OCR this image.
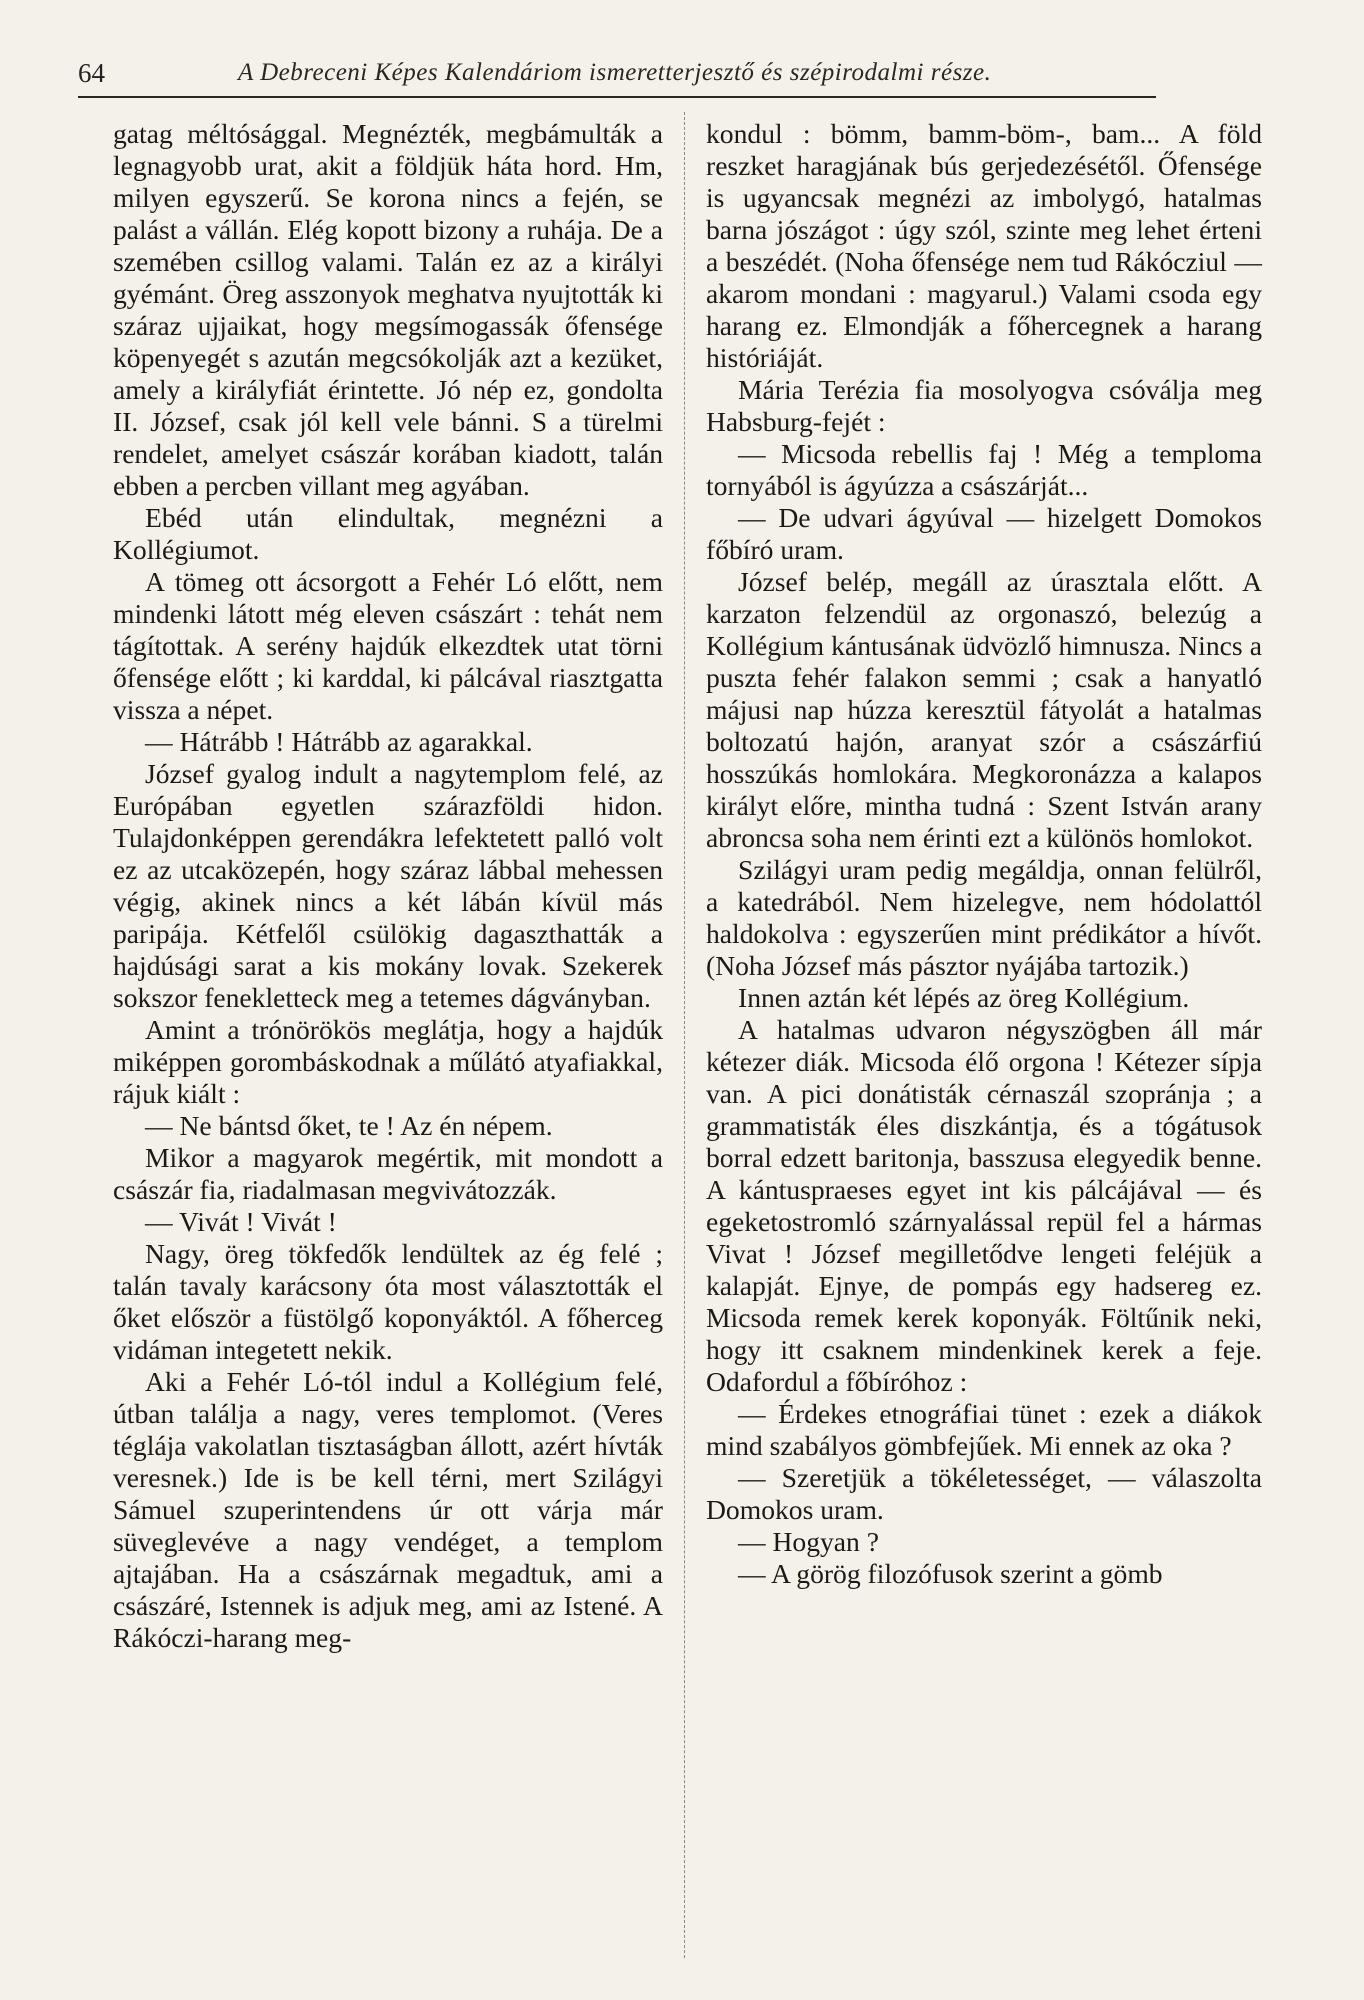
64	A Debreceni Képes Kalendáriom ismeretterjesztő és szépirodalmi része.

gatag méltósággal. Megnézték, megbámulták a legnagyobb urat, akit a földjük háta hord. Hm, milyen egyszerű. Se korona nincs a fején, se palást a vállán. Elég kopott bizony a ruhája. De a szemében csillog valami. Talán ez az a királyi gyémánt. Öreg asszonyok meghatva nyujtották ki száraz ujjaikat, hogy megsímogassák őfensége köpenyegét s azután megcsókolják azt a kezüket, amely a királyfiát érintette. Jó nép ez, gondolta II. József, csak jól kell vele bánni. S a türelmi rendelet, amelyet császár korában kiadott, talán ebben a percben villant meg agyában.

Ebéd után elindultak, megnézni a Kollégiumot.

A tömeg ott ácsorgott a Fehér Ló előtt, nem mindenki látott még eleven császárt : tehát nem tágítottak. A serény hajdúk elkezdtek utat törni őfensége előtt ; ki karddal, ki pálcával riasztgatta vissza a népet.

— Hátrább ! Hátrább az agarakkal.

József gyalog indult a nagytemplom felé, az Európában egyetlen szárazföldi hidon. Tulajdonképpen gerendákra lefektetett palló volt ez az utcaközepén, hogy száraz lábbal mehessen végig, akinek nincs a két lábán kívül más paripája. Kétfelől csülökig dagaszthatták a hajdúsági sarat a kis mokány lovak. Szekerek sokszor fenekletteck meg a tetemes dágványban.

Amint a trónörökös meglátja, hogy a hajdúk miképpen gorombáskodnak a műlátó atyafiakkal, rájuk kiált :

— Ne bántsd őket, te ! Az én népem.

Mikor a magyarok megértik, mit mondott a császár fia, riadalmasan megvivátozzák.

— Vivát ! Vivát !

Nagy, öreg tökfedők lendültek az ég felé ; talán tavaly karácsony óta most választották el őket először a füstölgő koponyáktól. A főherceg vidáman integetett nekik.

Aki a Fehér Ló-tól indul a Kollégium felé, útban találja a nagy, veres templomot. (Veres téglája vakolatlan tisztaságban állott, azért hívták veresnek.) Ide is be kell térni, mert Szilágyi Sámuel szuperintendens úr ott várja már süveglevéve a nagy vendéget, a templom ajtajában. Ha a császárnak megadtuk, ami a császáré, Istennek is adjuk meg, ami az Istené. A Rákóczi-harang meg-

kondul : bömm, bamm-böm-, bam... A föld reszket haragjának bús gerjedezésétől. Őfensége is ugyancsak megnézi az imbolygó, hatalmas barna jószágot : úgy szól, szinte meg lehet érteni a beszédét. (Noha őfensége nem tud Rákócziul — akarom mondani : magyarul.) Valami csoda egy harang ez. Elmondják a főhercegnek a harang históriáját.

Mária Terézia fia mosolyogva csóválja meg Habsburg-fejét :

— Micsoda rebellis faj ! Még a temploma tornyából is ágyúzza a császárját...

— De udvari ágyúval — hizelgett Domokos főbíró uram.

József belép, megáll az úrasztala előtt. A karzaton felzendül az orgonaszó, belezúg a Kollégium kántusának üdvözlő himnusza. Nincs a puszta fehér falakon semmi ; csak a hanyatló májusi nap húzza keresztül fátyolát a hatalmas boltozatú hajón, aranyat szór a császárfiú hosszúkás homlokára. Megkoronázza a kalapos királyt előre, mintha tudná : Szent István arany abroncsa soha nem érinti ezt a különös homlokot.

Szilágyi uram pedig megáldja, onnan felülről, a katedrából. Nem hizelegve, nem hódolattól haldokolva : egyszerűen mint prédikátor a hívőt. (Noha József más pásztor nyájába tartozik.)

Innen aztán két lépés az öreg Kollégium.

A hatalmas udvaron négyszögben áll már kétezer diák. Micsoda élő orgona ! Kétezer sípja van. A pici donátisták cérnaszál szopránja ; a grammatisták éles diszkántja, és a tógátusok borral edzett baritonja, basszusa elegyedik benne. A kántuspraeses egyet int kis pálcájával — és egeketostromló szárnyalással repül fel a hármas Vivat ! József megilletődve lengeti feléjük a kalapját. Ejnye, de pompás egy hadsereg ez. Micsoda remek kerek koponyák. Föltűnik neki, hogy itt csaknem mindenkinek kerek a feje. Odafordul a főbíróhoz :

— Érdekes etnográfiai tünet : ezek a diákok mind szabályos gömbfejűek. Mi ennek az oka ?

— Szeretjük a tökéletességet, — válaszolta Domokos uram.

— Hogyan ?

— A görög filozófusok szerint a gömb
